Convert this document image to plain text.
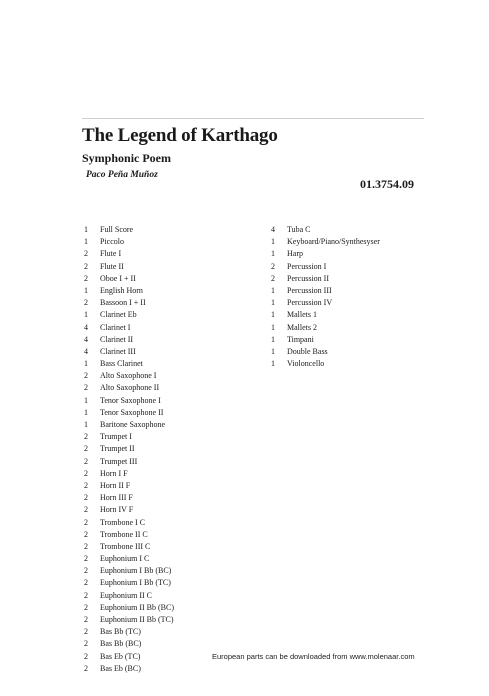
The Legend of Karthago
Symphonic Poem
Paco Peña Muñoz
01.3754.09
1	Full Score
1	Piccolo
2	Flute I
2	Flute II
2	Oboe I + II
1	English Horn
2	Bassoon I + II
1	Clarinet Eb
4	Clarinet I
4	Clarinet II
4	Clarinet III
1	Bass Clarinet
2	Alto Saxophone I
2	Alto Saxophone II
1	Tenor Saxophone I
1	Tenor Saxophone II
1	Baritone Saxophone
2	Trumpet I
2	Trumpet II
2	Trumpet III
2	Horn I F
2	Horn II F
2	Horn III F
2	Horn IV F
2	Trombone I C
2	Trombone II C
2	Trombone III C
2	Euphonium I C
2	Euphonium I Bb (BC)
2	Euphonium I Bb (TC)
2	Euphonium II C
2	Euphonium II Bb (BC)
2	Euphonium II Bb (TC)
2	Bas Bb (TC)
2	Bas Bb (BC)
2	Bas Eb (TC)
2	Bas Eb (BC)
4	Tuba C
1	Keyboard/Piano/Synthesyser
1	Harp
2	Percussion I
2	Percussion II
1	Percussion III
1	Percussion IV
1	Mallets 1
1	Mallets 2
1	Timpani
1	Double Bass
1	Violoncello
European parts can be downloaded from www.molenaar.com
